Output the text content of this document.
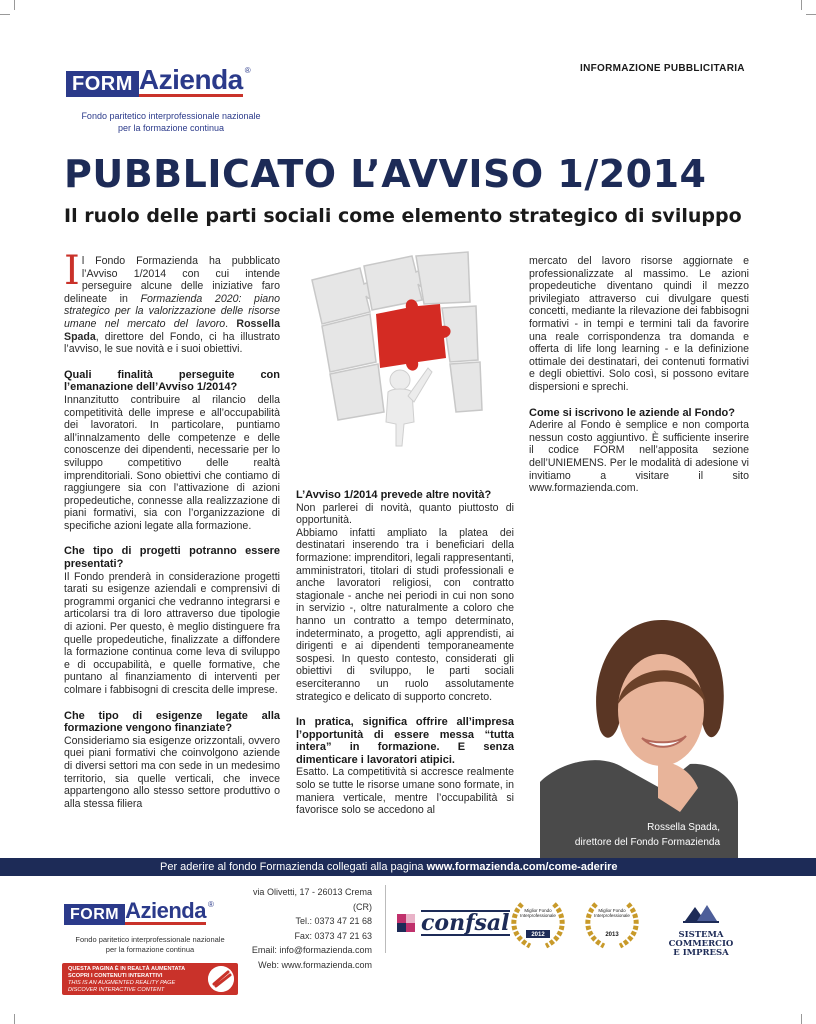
FORM Azienda ®
Fondo paritetico interprofessionale nazionale
per la formazione continua
INFORMAZIONE PUBBLICITARIA
PUBBLICATO L’AVVISO 1/2014
Il ruolo delle parti sociali come elemento strategico di sviluppo

Il Fondo Formazienda ha pubblicato l’Avviso 1/2014 con cui intende perseguire alcune delle iniziative faro delineate in Formazienda 2020: piano strategico per la valorizzazione delle risorse umane nel mercato del lavoro. Rossella Spada, direttore del Fondo, ci ha illustrato l’avviso, le sue novità e i suoi obiettivi.

Quali finalità perseguite con l’emanazione dell’Avviso 1/2014?

Innanzitutto contribuire al rilancio della competitività delle imprese e all’occupabilità dei lavoratori. In particolare, puntiamo all’innalzamento delle competenze e delle conoscenze dei dipendenti, necessarie per lo sviluppo competitivo delle realtà imprenditoriali. Sono obiettivi che contiamo di raggiungere sia con l’attivazione di azioni propedeutiche, connesse alla realizzazione di piani formativi, sia con l’organizzazione di specifiche azioni legate alla formazione.

Che tipo di progetti potranno essere presentati?

Il Fondo prenderà in considerazione progetti tarati su esigenze aziendali e comprensivi di programmi organici che vedranno integrarsi e articolarsi tra di loro attraverso due tipologie di azioni. Per questo, è meglio distinguere fra quelle propedeutiche, finalizzate a diffondere la formazione continua come leva di sviluppo e di occupabilità, e quelle formative, che puntano al finanziamento di interventi per colmare i fabbisogni di crescita delle imprese.

Che tipo di esigenze legate alla formazione vengono finanziate?

Consideriamo sia esigenze orizzontali, ovvero quei piani formativi che coinvolgono aziende di diversi settori ma con sede in un medesimo territorio, sia quelle verticali, che invece appartengono allo stesso settore produttivo o alla stessa filiera

L’Avviso 1/2014 prevede altre novità?

Non parlerei di novità, quanto piuttosto di opportunità.

Abbiamo infatti ampliato la platea dei destinatari inserendo tra i beneficiari della formazione: imprenditori, legali rappresentanti, amministratori, titolari di studi professionali e anche lavoratori religiosi, con contratto stagionale - anche nei periodi in cui non sono in servizio -, oltre naturalmente a coloro che hanno un contratto a tempo determinato, indeterminato, a progetto, agli apprendisti, ai dirigenti e ai dipendenti temporaneamente sospesi. In questo contesto, considerati gli obiettivi di sviluppo, le parti sociali eserciteranno un ruolo assolutamente strategico e delicato di supporto concreto.

In pratica, significa offrire all’impresa l’opportunità di essere messa “tutta intera” in formazione. E senza dimenticare i lavoratori atipici.

Esatto. La competitività si accresce realmente solo se tutte le risorse umane sono formate, in maniera verticale, mentre l’occupabilità si favorisce solo se accedono al

mercato del lavoro risorse aggiornate e professionalizzate al massimo. Le azioni propedeutiche diventano quindi il mezzo privilegiato attraverso cui divulgare questi concetti, mediante la rilevazione dei fabbisogni formativi - in tempi e termini tali da favorire una reale corrispondenza tra domanda e offerta di life long learning - e la definizione ottimale dei destinatari, dei contenuti formativi e degli obiettivi. Solo così, si possono evitare dispersioni e sprechi.

Come si iscrivono le aziende al Fondo?

Aderire al Fondo è semplice e non comporta nessun costo aggiuntivo. È sufficiente inserire il codice FORM nell’apposita sezione dell’UNIEMENS. Per le modalità di adesione vi invitiamo a visitare il sito www.formazienda.com.

Rossella Spada,
direttore del Fondo Formazienda
Per aderire al fondo Formazienda collegati alla pagina www.formazienda.com/come-aderire
FORM Azienda ®
Fondo paritetico interprofessionale nazionale
per la formazione continua
QUESTA PAGINA È IN REALTÀ AUMENTATA
SCOPRI I CONTENUTI INTERATTIVI
THIS IS AN AUGMENTED REALITY PAGE
DISCOVER INTERACTIVE CONTENT
via Olivetti, 17 - 26013 Crema (CR)
Tel.: 0373 47 21 68
Fax: 0373 47 21 63
Email: info@formazienda.com
Web: www.formazienda.com
confsal	Miglior Fondo
Interprofessionale
2012
Miglior Fondo
Interprofessionale
2013	SISTEMA COMMERCIO
E IMPRESA
